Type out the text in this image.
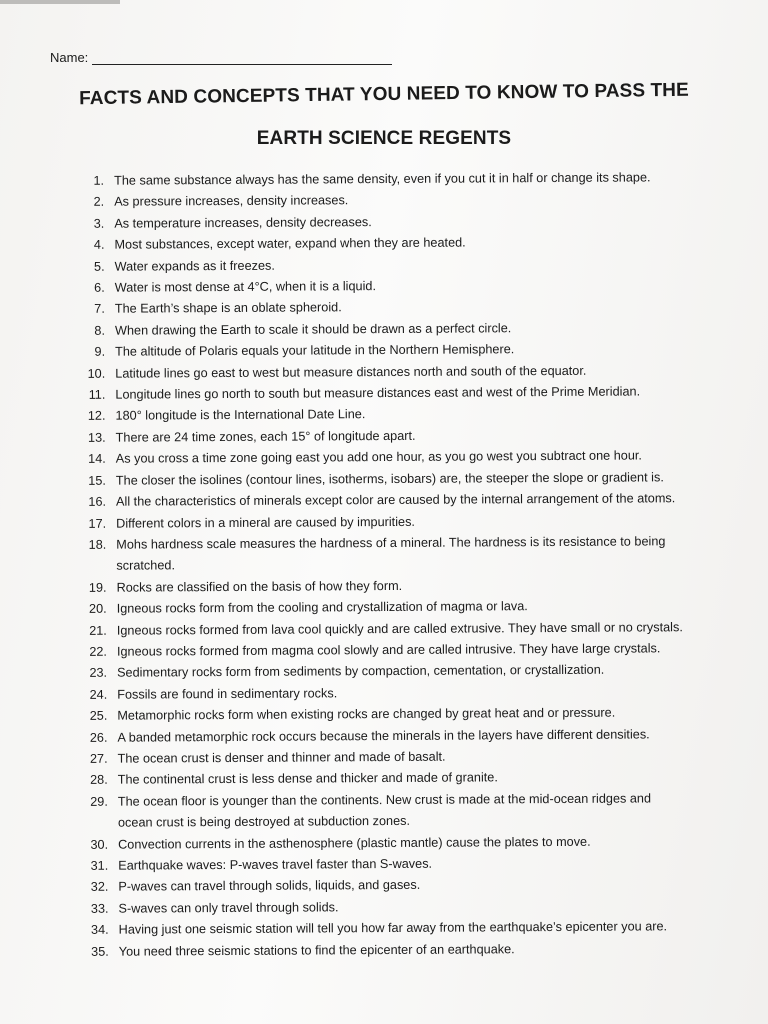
Name:
FACTS AND CONCEPTS THAT YOU NEED TO KNOW TO PASS THE
EARTH SCIENCE REGENTS
1. The same substance always has the same density, even if you cut it in half or change its shape.
2. As pressure increases, density increases.
3. As temperature increases, density decreases.
4. Most substances, except water, expand when they are heated.
5. Water expands as it freezes.
6. Water is most dense at 4°C, when it is a liquid.
7. The Earth’s shape is an oblate spheroid.
8. When drawing the Earth to scale it should be drawn as a perfect circle.
9. The altitude of Polaris equals your latitude in the Northern Hemisphere.
10. Latitude lines go east to west but measure distances north and south of the equator.
11. Longitude lines go north to south but measure distances east and west of the Prime Meridian.
12. 180° longitude is the International Date Line.
13. There are 24 time zones, each 15° of longitude apart.
14. As you cross a time zone going east you add one hour, as you go west you subtract one hour.
15. The closer the isolines (contour lines, isotherms, isobars) are, the steeper the slope or gradient is.
16. All the characteristics of minerals except color are caused by the internal arrangement of the atoms.
17. Different colors in a mineral are caused by impurities.
18. Mohs hardness scale measures the hardness of a mineral. The hardness is its resistance to being
scratched.
19. Rocks are classified on the basis of how they form.
20. Igneous rocks form from the cooling and crystallization of magma or lava.
21. Igneous rocks formed from lava cool quickly and are called extrusive. They have small or no crystals.
22. Igneous rocks formed from magma cool slowly and are called intrusive. They have large crystals.
23. Sedimentary rocks form from sediments by compaction, cementation, or crystallization.
24. Fossils are found in sedimentary rocks.
25. Metamorphic rocks form when existing rocks are changed by great heat and or pressure.
26. A banded metamorphic rock occurs because the minerals in the layers have different densities.
27. The ocean crust is denser and thinner and made of basalt.
28. The continental crust is less dense and thicker and made of granite.
29. The ocean floor is younger than the continents. New crust is made at the mid-ocean ridges and
ocean crust is being destroyed at subduction zones.
30. Convection currents in the asthenosphere (plastic mantle) cause the plates to move.
31. Earthquake waves: P-waves travel faster than S-waves.
32. P-waves can travel through solids, liquids, and gases.
33. S-waves can only travel through solids.
34. Having just one seismic station will tell you how far away from the earthquake’s epicenter you are.
35. You need three seismic stations to find the epicenter of an earthquake.
